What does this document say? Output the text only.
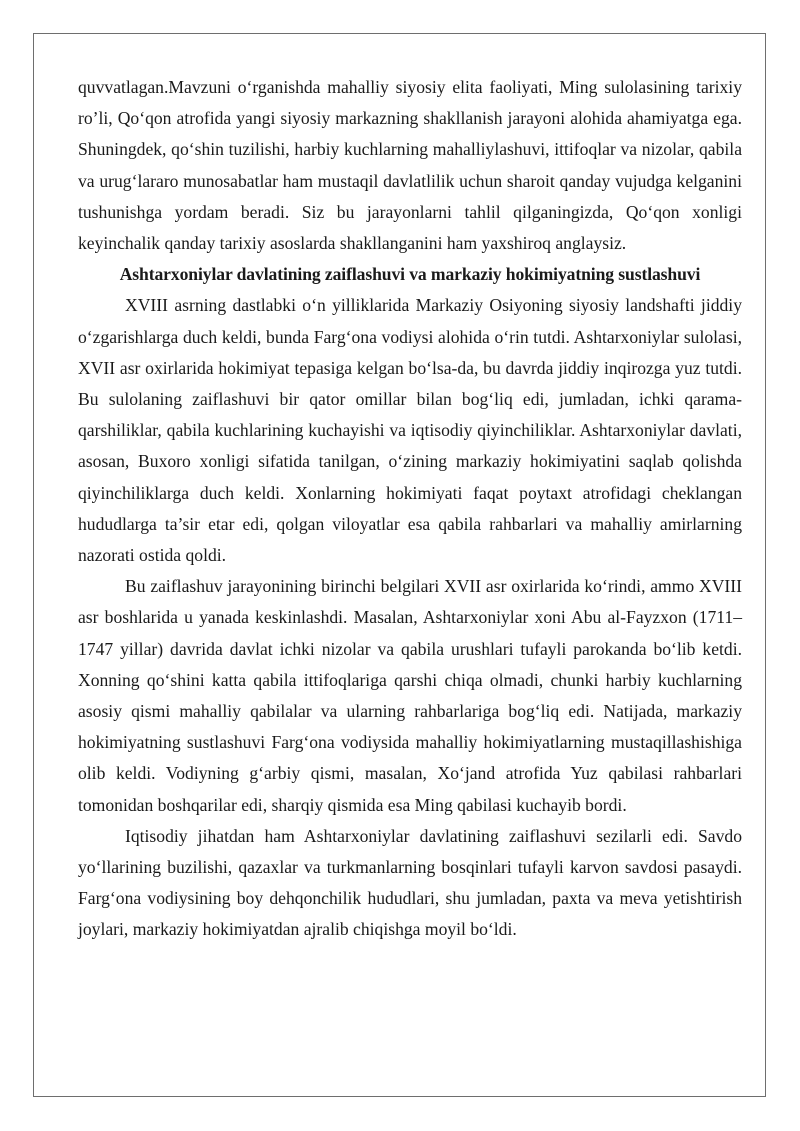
quvvatlagan.Mavzuni o‘rganishda mahalliy siyosiy elita faoliyati, Ming sulolasining tarixiy ro’li, Qo‘qon atrofida yangi siyosiy markazning shakllanish jarayoni alohida ahamiyatga ega. Shuningdek, qo‘shin tuzilishi, harbiy kuchlarning mahalliylashuvi, ittifoqlar va nizolar, qabila va urug‘lararo munosabatlar ham mustaqil davlatlilik uchun sharoit qanday vujudga kelganini tushunishga yordam beradi. Siz bu jarayonlarni tahlil qilganingizda, Qo‘qon xonligi keyinchalik qanday tarixiy asoslarda shakllanganini ham yaxshiroq anglaysiz.

Ashtarxoniylar davlatining zaiflashuvi va markaziy hokimiyatning sustlashuvi

XVIII asrning dastlabki o‘n yilliklarida Markaziy Osiyoning siyosiy landshafti jiddiy o‘zgarishlarga duch keldi, bunda Farg‘ona vodiysi alohida o‘rin tutdi. Ashtarxoniylar sulolasi, XVII asr oxirlarida hokimiyat tepasiga kelgan bo‘lsa-da, bu davrda jiddiy inqirozga yuz tutdi. Bu sulolaning zaiflashuvi bir qator omillar bilan bog‘liq edi, jumladan, ichki qarama-qarshiliklar, qabila kuchlarining kuchayishi va iqtisodiy qiyinchiliklar. Ashtarxoniylar davlati, asosan, Buxoro xonligi sifatida tanilgan, o‘zining markaziy hokimiyatini saqlab qolishda qiyinchiliklarga duch keldi. Xonlarning hokimiyati faqat poytaxt atrofidagi cheklangan hududlarga ta’sir etar edi, qolgan viloyatlar esa qabila rahbarlari va mahalliy amirlarning nazorati ostida qoldi.

Bu zaiflashuv jarayonining birinchi belgilari XVII asr oxirlarida ko‘rindi, ammo XVIII asr boshlarida u yanada keskinlashdi. Masalan, Ashtarxoniylar xoni Abu al-Fayzxon (1711–1747 yillar) davrida davlat ichki nizolar va qabila urushlari tufayli parokanda bo‘lib ketdi. Xonning qo‘shini katta qabila ittifoqlariga qarshi chiqa olmadi, chunki harbiy kuchlarning asosiy qismi mahalliy qabilalar va ularning rahbarlariga bog‘liq edi. Natijada, markaziy hokimiyatning sustlashuvi Farg‘ona vodiysida mahalliy hokimiyatlarning mustaqillashishiga olib keldi. Vodiyning g‘arbiy qismi, masalan, Xo‘jand atrofida Yuz qabilasi rahbarlari tomonidan boshqarilar edi, sharqiy qismida esa Ming qabilasi kuchayib bordi.

Iqtisodiy jihatdan ham Ashtarxoniylar davlatining zaiflashuvi sezilarli edi. Savdo yo‘llarining buzilishi, qazaxlar va turkmanlarning bosqinlari tufayli karvon savdosi pasaydi. Farg‘ona vodiysining boy dehqonchilik hududlari, shu jumladan, paxta va meva yetishtirish joylari, markaziy hokimiyatdan ajralib chiqishga moyil bo‘ldi.
